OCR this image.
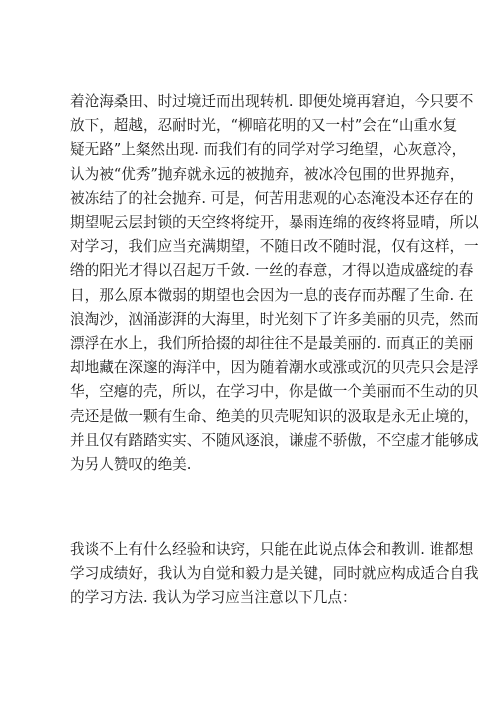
着沧海桑田、时过境迁而出现转机. 即便处境再窘迫，今只要不
放下，超越，忍耐时光，“柳暗花明的又一村”会在“山重水复
疑无路”上粲然出现. 而我们有的同学对学习绝望，心灰意冷，
认为被“优秀”抛弃就永远的被抛弃，被冰冷包围的世界抛弃，
被冻结了的社会抛弃. 可是，何苦用悲观的心态淹没本还存在的
期望呢云层封锁的天空终将绽开，暴雨连绵的夜终将显晴，所以
对学习，我们应当充满期望，不随日改不随时混，仅有这样，一
绺的阳光才得以召起万千敛. 一丝的春意，才得以造成盛绽的春
日，那么原本微弱的期望也会因为一息的丧存而苏醒了生命. 在
浪淘沙，汹涌澎湃的大海里，时光刻下了许多美丽的贝壳，然而
漂浮在水上，我们所拾掇的却往往不是最美丽的. 而真正的美丽
却地藏在深邃的海洋中，因为随着潮水或涨或沉的贝壳只会是浮
华，空瘪的壳，所以，在学习中，你是做一个美丽而不生动的贝
壳还是做一颗有生命、绝美的贝壳呢知识的汲取是永无止境的，
并且仅有踏踏实实、不随风逐浪，谦虚不骄傲，不空虚才能够成
为另人赞叹的绝美.
我谈不上有什么经验和诀窍，只能在此说点体会和教训. 谁都想
学习成绩好，我认为自觉和毅力是关键，同时就应构成适合自我
的学习方法. 我认为学习应当注意以下几点：
